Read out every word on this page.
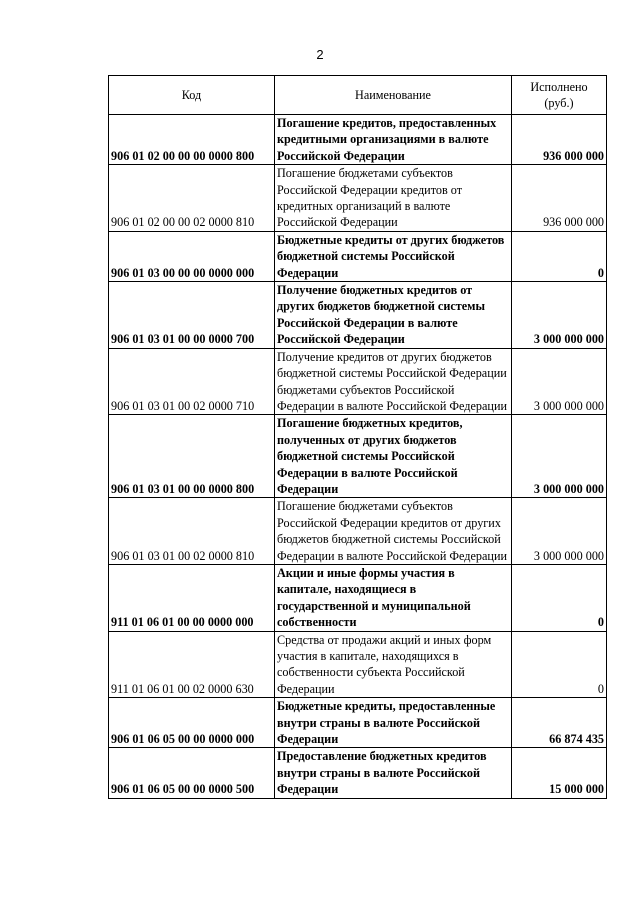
2
Код	Наименование	Исполнено
(руб.)
906 01 02 00 00 00 0000 800	Погашение кредитов, предоставленных кредитными организациями в валюте Российской Федерации	936 000 000
906 01 02 00 00 02 0000 810	Погашение бюджетами субъектов Российской Федерации кредитов от кредитных организаций в валюте Российской Федерации	936 000 000
906 01 03 00 00 00 0000 000	Бюджетные кредиты от других бюджетов бюджетной системы Российской Федерации	0
906 01 03 01 00 00 0000 700	Получение бюджетных кредитов от других бюджетов бюджетной системы Российской Федерации в валюте Российской Федерации	3 000 000 000
906 01 03 01 00 02 0000 710	Получение кредитов от других бюджетов бюджетной системы Российской Федерации бюджетами субъектов Российской Федерации в валюте Российской Федерации	3 000 000 000
906 01 03 01 00 00 0000 800	Погашение бюджетных кредитов, полученных от других бюджетов бюджетной системы Российской Федерации в валюте Российской Федерации	3 000 000 000
906 01 03 01 00 02 0000 810	Погашение бюджетами субъектов Российской Федерации кредитов от других бюджетов бюджетной системы Российской Федерации в валюте Российской Федерации	3 000 000 000
911 01 06 01 00 00 0000 000	Акции и иные формы участия в капитале, находящиеся в государственной и муниципальной собственности	0
911 01 06 01 00 02 0000 630	Средства от продажи акций и иных форм участия в капитале, находящихся в собственности субъекта Российской Федерации	0
906 01 06 05 00 00 0000 000	Бюджетные кредиты, предоставленные внутри страны в валюте Российской Федерации	66 874 435
906 01 06 05 00 00 0000 500	Предоставление бюджетных кредитов внутри страны в валюте Российской Федерации	15 000 000
